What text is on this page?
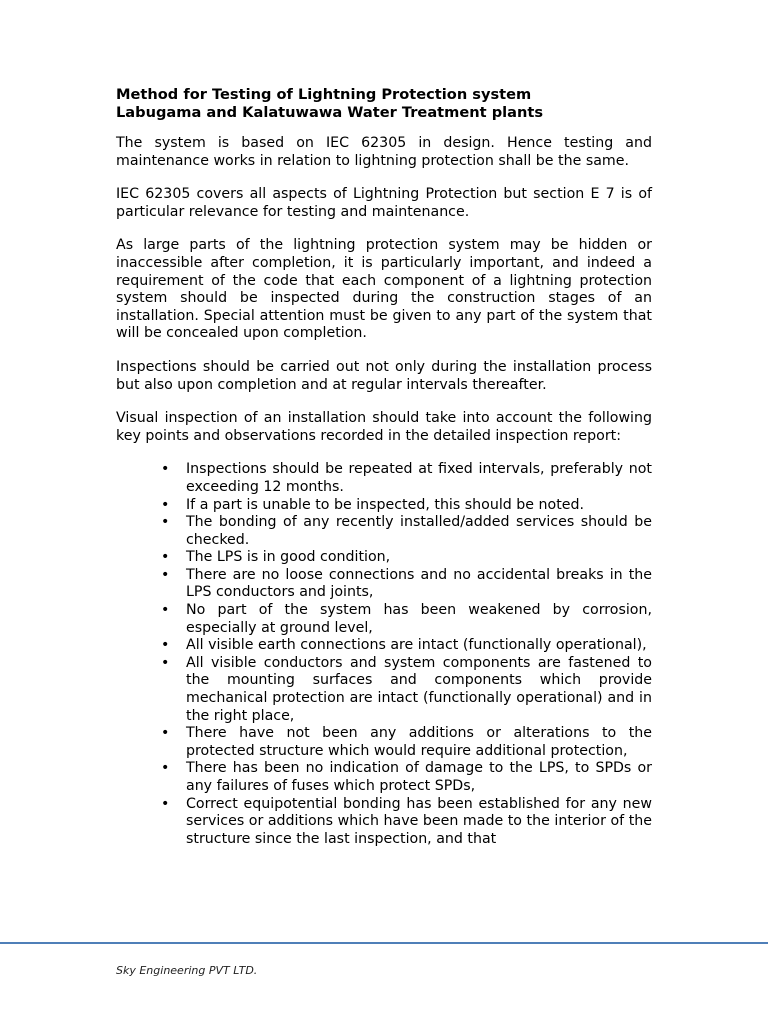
Method for Testing of Lightning Protection system
Labugama and Kalatuwawa Water Treatment plants

The system is based on IEC 62305 in design. Hence testing and maintenance works in relation to lightning protection shall be the same.

IEC 62305 covers all aspects of Lightning Protection but section E 7 is of particular relevance for testing and maintenance.

As large parts of the lightning protection system may be hidden or inaccessible after completion, it is particularly important, and indeed a requirement of the code that each component of a lightning protection system should be inspected during the construction stages of an installation. Special attention must be given to any part of the system that will be concealed upon completion.

Inspections should be carried out not only during the installation process but also upon completion and at regular intervals thereafter.

Visual inspection of an installation should take into account the following key points and observations recorded in the detailed inspection report:

• Inspections should be repeated at fixed intervals, preferably not exceeding 12 months.
• If a part is unable to be inspected, this should be noted.
• The bonding of any recently installed/added services should be checked.
• The LPS is in good condition,
• There are no loose connections and no accidental breaks in the LPS conductors and joints,
• No part of the system has been weakened by corrosion, especially at ground level,
• All visible earth connections are intact (functionally operational),
• All visible conductors and system components are fastened to the mounting surfaces and components which provide mechanical protection are intact (functionally operational) and in the right place,
• There have not been any additions or alterations to the protected structure which would require additional protection,
• There has been no indication of damage to the LPS, to SPDs or any failures of fuses which protect SPDs,
• Correct equipotential bonding has been established for any new services or additions which have been made to the interior of the structure since the last inspection, and that
Sky Engineering PVT LTD.
